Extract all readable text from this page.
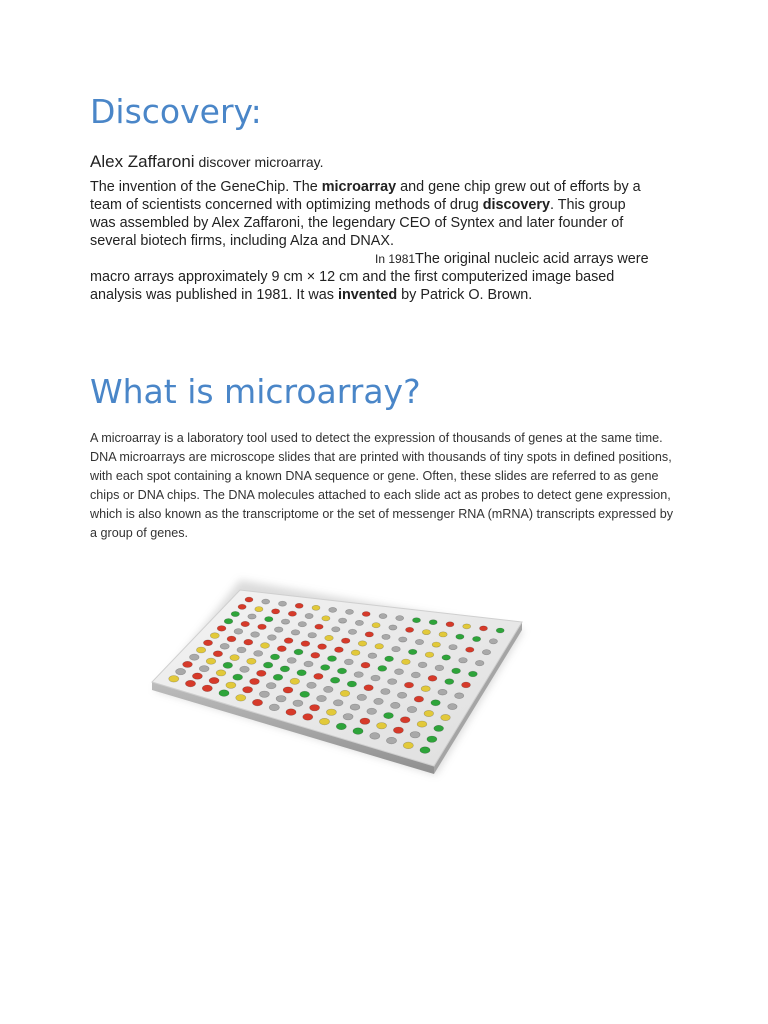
Discovery:

Alex Zaffaroni discover microarray.

The invention of the GeneChip. The microarray and gene chip grew out of efforts by a
team of scientists concerned with optimizing methods of drug discovery. This group
was assembled by Alex Zaffaroni, the legendary CEO of Syntex and later founder of
several biotech firms, including Alza and DNAX.
In 1981The original nucleic acid arrays were
macro arrays approximately 9 cm × 12 cm and the first computerized image based
analysis was published in 1981. It was invented by Patrick O. Brown.
What is microarray?

A microarray is a laboratory tool used to detect the expression of thousands of genes at the same time. DNA microarrays are microscope slides that are printed with thousands of tiny spots in defined positions, with each spot containing a known DNA sequence or gene. Often, these slides are referred to as gene chips or DNA chips. The DNA molecules attached to each slide act as probes to detect gene expression, which is also known as the transcriptome or the set of messenger RNA (mRNA) transcripts expressed by a group of genes.
